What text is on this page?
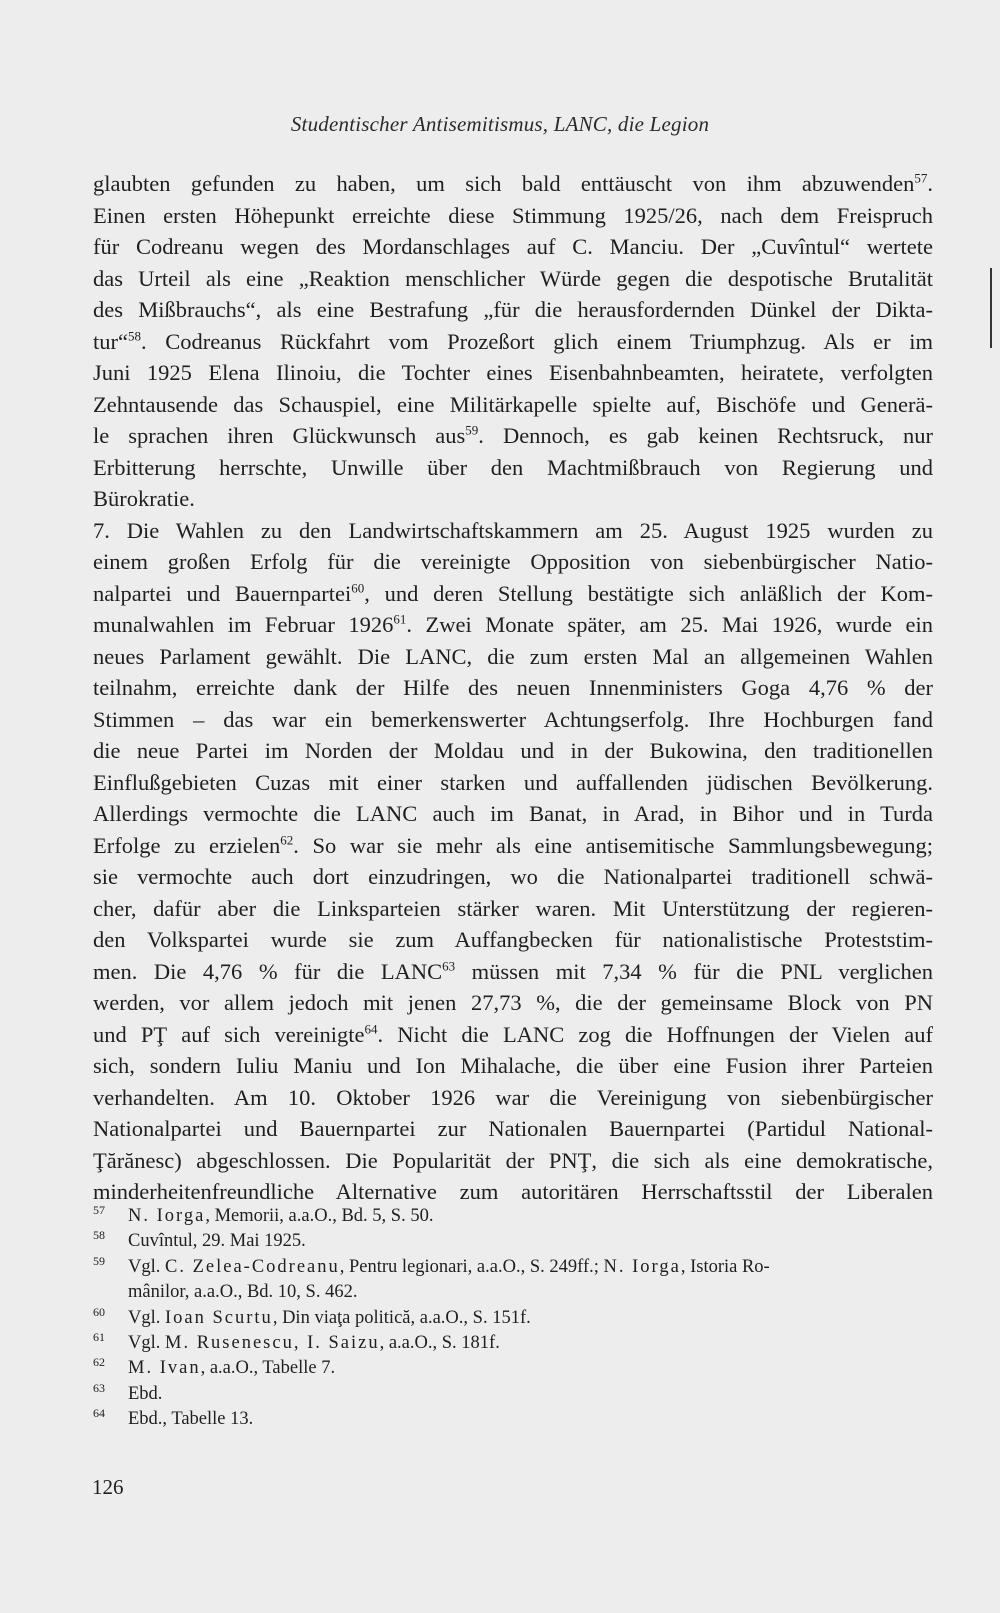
Studentischer Antisemitismus, LANC, die Legion
glaubten gefunden zu haben, um sich bald enttäuscht von ihm abzuwenden$^{57}$.
Einen ersten Höhepunkt erreichte diese Stimmung 1925/26, nach dem Freispruch
für Codreanu wegen des Mordanschlages auf C. Manciu. Der „Cuvîntul“ wertete
das Urteil als eine „Reaktion menschlicher Würde gegen die despotische Brutalität
des Mißbrauchs“, als eine Bestrafung „für die herausfordernden Dünkel der Dikta-
tur“$^{58}$. Codreanus Rückfahrt vom Prozeßort glich einem Triumphzug. Als er im
Juni 1925 Elena Ilinoiu, die Tochter eines Eisenbahnbeamten, heiratete, verfolgten
Zehntausende das Schauspiel, eine Militärkapelle spielte auf, Bischöfe und Generä-
le sprachen ihren Glückwunsch aus$^{59}$. Dennoch, es gab keinen Rechtsruck, nur
Erbitterung herrschte, Unwille über den Machtmißbrauch von Regierung und
Bürokratie.
7. Die Wahlen zu den Landwirtschaftskammern am 25. August 1925 wurden zu
einem großen Erfolg für die vereinigte Opposition von siebenbürgischer Natio-
nalpartei und Bauernpartei$^{60}$, und deren Stellung bestätigte sich anläßlich der Kom-
munalwahlen im Februar 1926$^{61}$. Zwei Monate später, am 25. Mai 1926, wurde ein
neues Parlament gewählt. Die LANC, die zum ersten Mal an allgemeinen Wahlen
teilnahm, erreichte dank der Hilfe des neuen Innenministers Goga 4,76 % der
Stimmen – das war ein bemerkenswerter Achtungserfolg. Ihre Hochburgen fand
die neue Partei im Norden der Moldau und in der Bukowina, den traditionellen
Einflußgebieten Cuzas mit einer starken und auffallenden jüdischen Bevölkerung.
Allerdings vermochte die LANC auch im Banat, in Arad, in Bihor und in Turda
Erfolge zu erzielen$^{62}$. So war sie mehr als eine antisemitische Sammlungsbewegung;
sie vermochte auch dort einzudringen, wo die Nationalpartei traditionell schwä-
cher, dafür aber die Linksparteien stärker waren. Mit Unterstützung der regieren-
den Volkspartei wurde sie zum Auffangbecken für nationalistische Proteststim-
men. Die 4,76 % für die LANC$^{63}$ müssen mit 7,34 % für die PNL verglichen
werden, vor allem jedoch mit jenen 27,73 %, die der gemeinsame Block von PN
und PŢ auf sich vereinigte$^{64}$. Nicht die LANC zog die Hoffnungen der Vielen auf
sich, sondern Iuliu Maniu und Ion Mihalache, die über eine Fusion ihrer Parteien
verhandelten. Am 10. Oktober 1926 war die Vereinigung von siebenbürgischer
Nationalpartei und Bauernpartei zur Nationalen Bauernpartei (Partidul National-
Ţărănesc) abgeschlossen. Die Popularität der PNŢ, die sich als eine demokratische,
minderheitenfreundliche Alternative zum autoritären Herrschaftsstil der Liberalen
57	N. Iorga, Memorii, a.a.O., Bd. 5, S. 50.
58	Cuvîntul, 29. Mai 1925.
59	Vgl. C. Zelea-Codreanu, Pentru legionari, a.a.O., S. 249ff.; N. Iorga, Istoria Ro-
mânilor, a.a.O., Bd. 10, S. 462.
60	Vgl. Ioan Scurtu, Din viaţa politică, a.a.O., S. 151f.
61	Vgl. M. Rusenescu, I. Saizu, a.a.O., S. 181f.
62	M. Ivan, a.a.O., Tabelle 7.
63	Ebd.
64	Ebd., Tabelle 13.
126
